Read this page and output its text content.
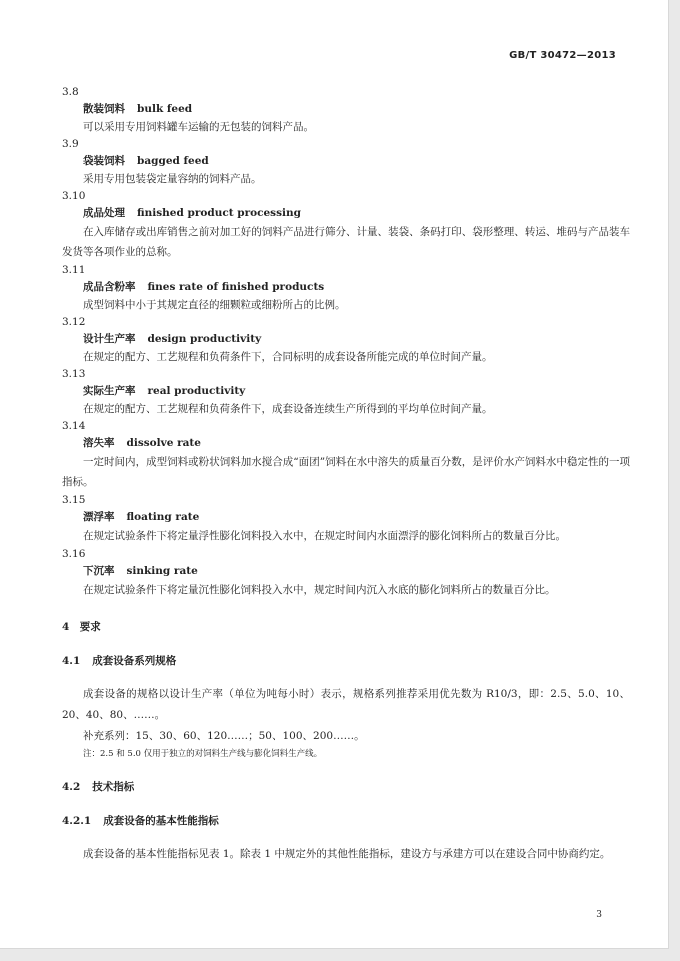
GB/T 30472—2013
3.8
散装饲料 bulk feed
可以采用专用饲料罐车运输的无包装的饲料产品。
3.9
袋装饲料 bagged feed
采用专用包装袋定量容纳的饲料产品。
3.10
成品处理 finished product processing
在入库储存或出库销售之前对加工好的饲料产品进行筛分、计量、装袋、条码打印、袋形整理、转运、堆码与产品装车发货等各项作业的总称。
3.11
成品含粉率 fines rate of finished products
成型饲料中小于其规定直径的细颗粒或细粉所占的比例。
3.12
设计生产率 design productivity
在规定的配方、工艺规程和负荷条件下，合同标明的成套设备所能完成的单位时间产量。
3.13
实际生产率 real productivity
在规定的配方、工艺规程和负荷条件下，成套设备连续生产所得到的平均单位时间产量。
3.14
溶失率 dissolve rate
一定时间内，成型饲料或粉状饲料加水搅合成“面团”饲料在水中溶失的质量百分数，是评价水产饲料水中稳定性的一项指标。
3.15
漂浮率 floating rate
在规定试验条件下将定量浮性膨化饲料投入水中，在规定时间内水面漂浮的膨化饲料所占的数量百分比。
3.16
下沉率 sinking rate
在规定试验条件下将定量沉性膨化饲料投入水中，规定时间内沉入水底的膨化饲料所占的数量百分比。
4　要求
4.1 成套设备系列规格
成套设备的规格以设计生产率（单位为吨每小时）表示，规格系列推荐采用优先数为 R10/3，即：2.5、5.0、10、20、40、80、……。
补充系列：15、30、60、120……；50、100、200……。
注：2.5 和 5.0 仅用于独立的对饲料生产线与膨化饲料生产线。
4.2 技术指标
4.2.1 成套设备的基本性能指标
成套设备的基本性能指标见表 1。除表 1 中规定外的其他性能指标，建设方与承建方可以在建设合同中协商约定。
3
